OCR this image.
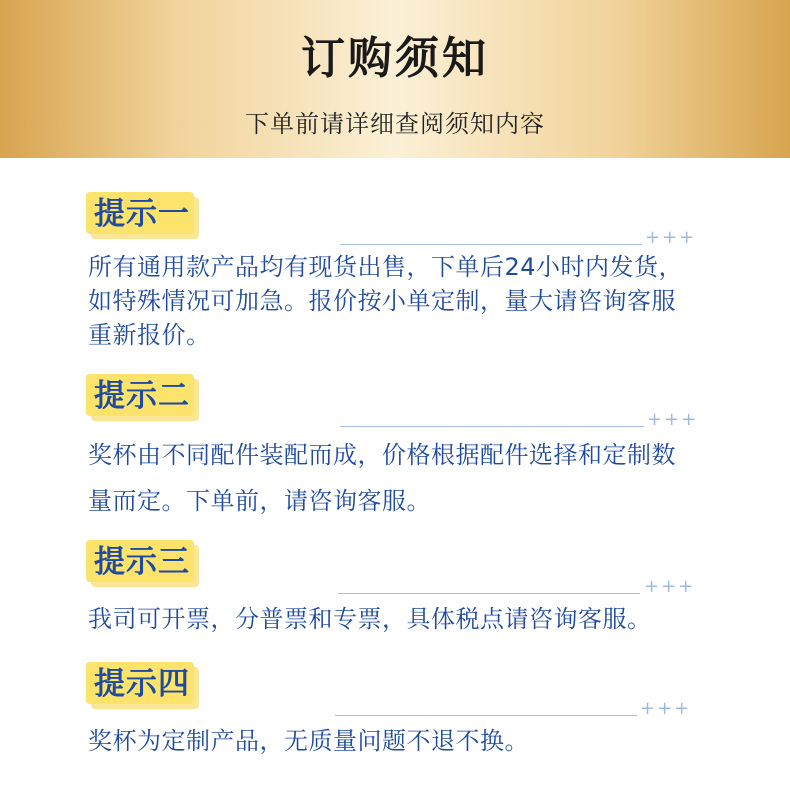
订购须知
下单前请详细查阅须知内容
提示一
+++
所有通用款产品均有现货出售，下单后24小时内发货，如特殊情况可加急。报价按小单定制，量大请咨询客服重新报价。
提示二
+++
奖杯由不同配件装配而成，价格根据配件选择和定制数量而定。下单前，请咨询客服。
提示三
+++
我司可开票，分普票和专票，具体税点请咨询客服。
提示四
+++
奖杯为定制产品，无质量问题不退不换。
